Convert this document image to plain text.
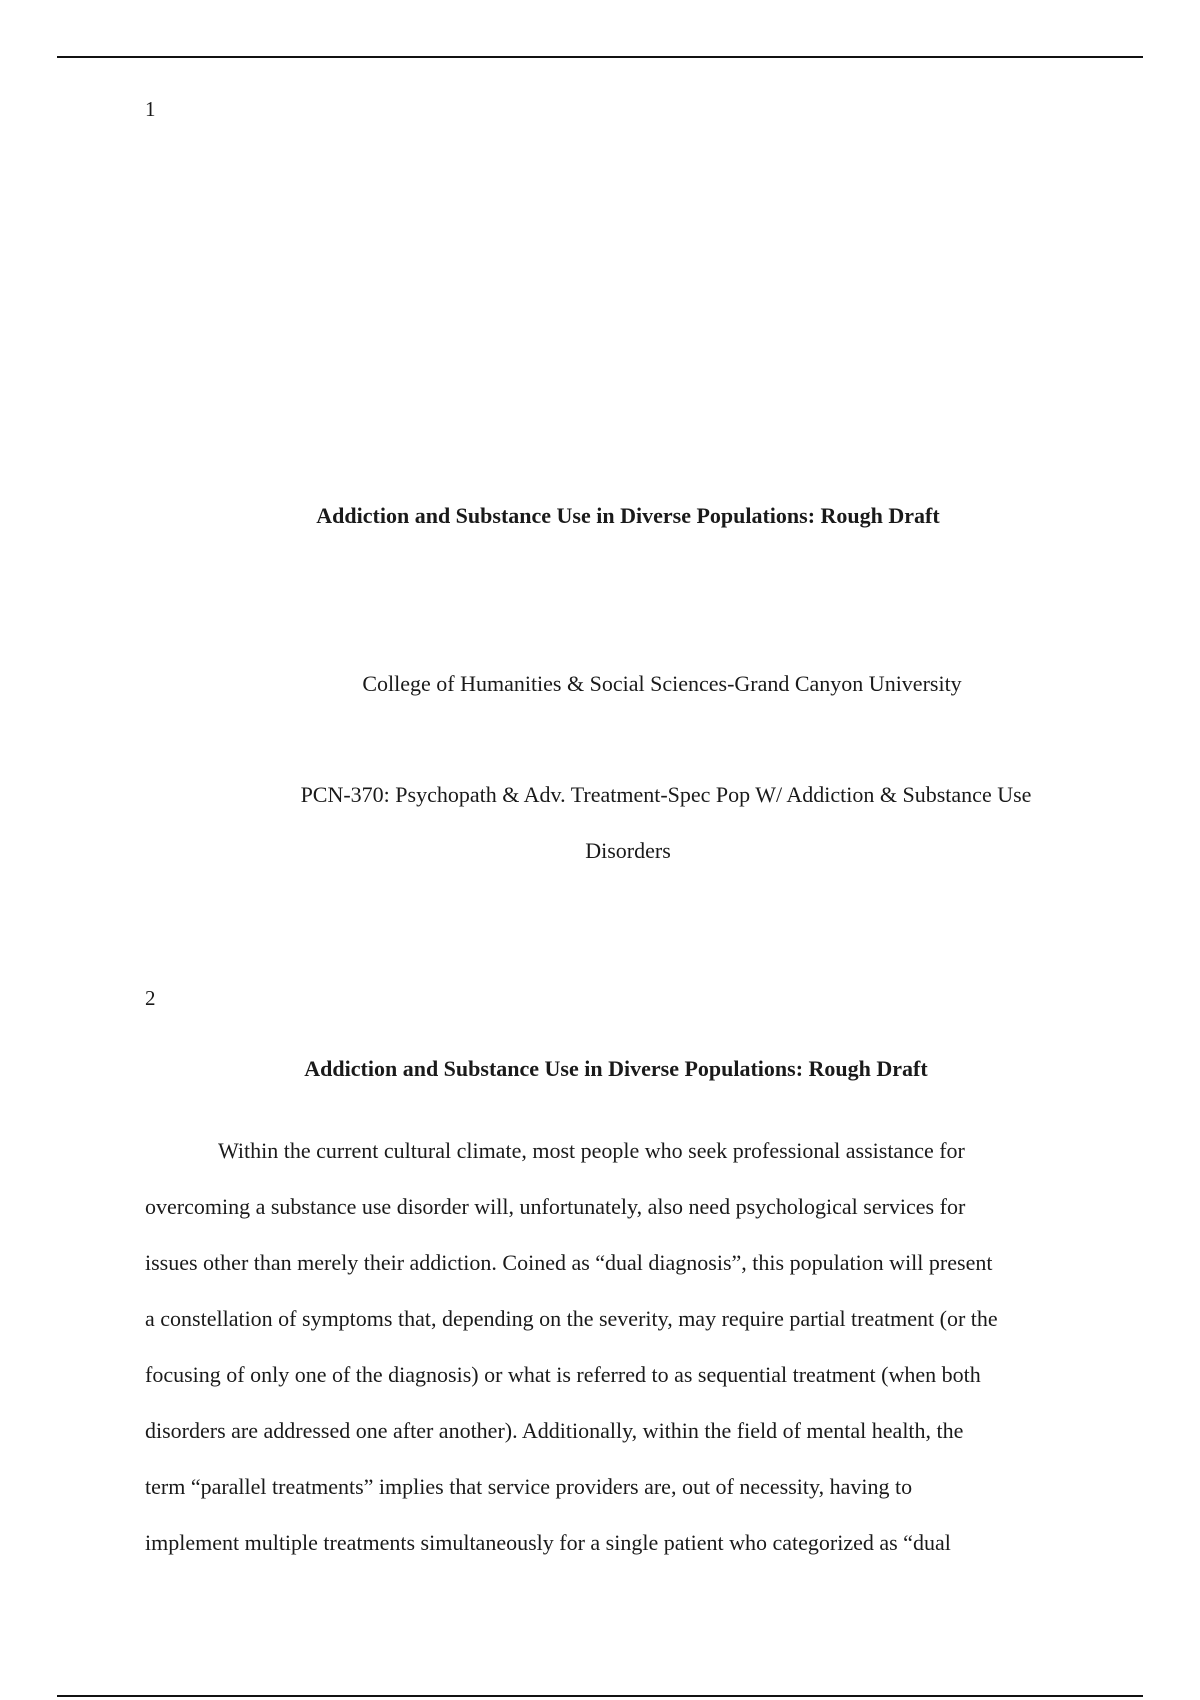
1
Addiction and Substance Use in Diverse Populations: Rough Draft
College of Humanities & Social Sciences-Grand Canyon University
PCN-370: Psychopath & Adv. Treatment-Spec Pop W/ Addiction & Substance Use
Disorders
2
Addiction and Substance Use in Diverse Populations: Rough Draft
Within the current cultural climate, most people who seek professional assistance for
overcoming a substance use disorder will, unfortunately, also need psychological services for
issues other than merely their addiction. Coined as “dual diagnosis”, this population will present
a constellation of symptoms that, depending on the severity, may require partial treatment (or the
focusing of only one of the diagnosis) or what is referred to as sequential treatment (when both
disorders are addressed one after another). Additionally, within the field of mental health, the
term “parallel treatments” implies that service providers are, out of necessity, having to
implement multiple treatments simultaneously for a single patient who categorized as “dual
